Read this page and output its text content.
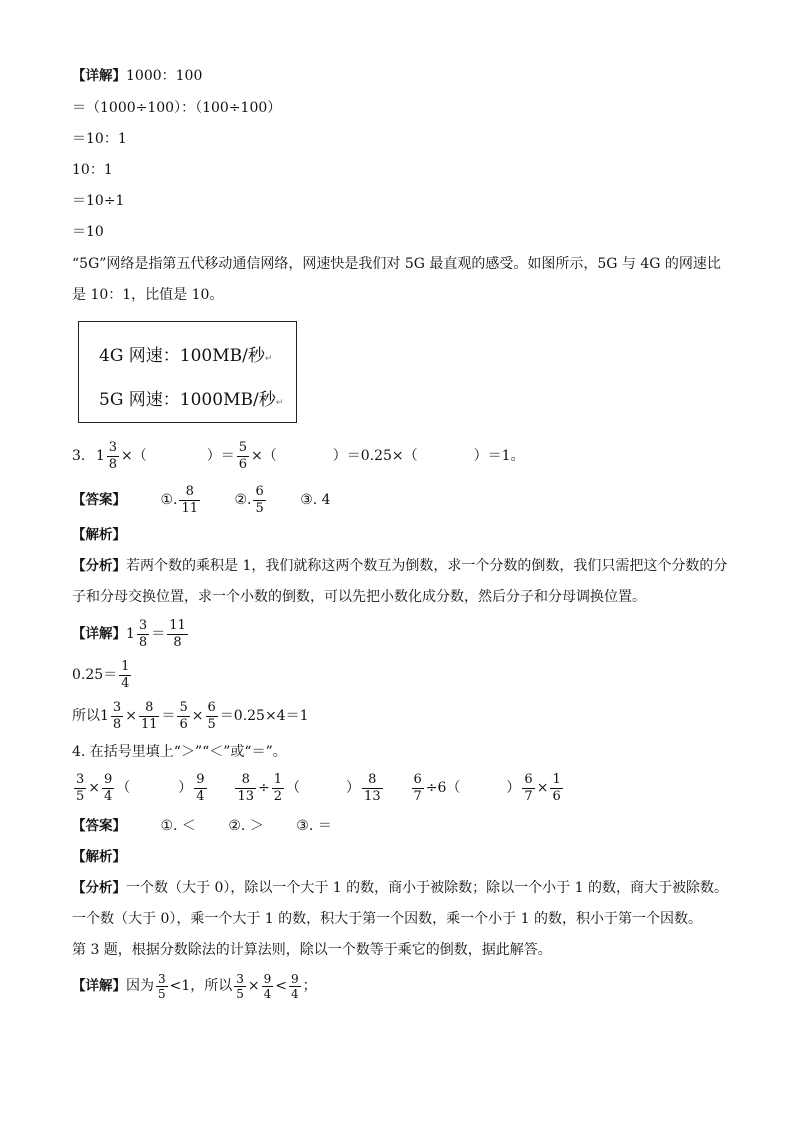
【详解】1000：100
＝（1000÷100）：（100÷100）
＝10：1
10：1
＝10÷1
＝10
“5G”网络是指第五代移动通信网络，网速快是我们对 5G 最直观的感受。如图所示，5G 与 4G 的网速比
是 10：1，比值是 10。
4G 网速：100MB/秒↵
5G 网速：1000MB/秒↵
3. $1 \frac{3}{8}$ ×（	）＝ $\frac{5}{6}$ ×（	）＝0.25×（	）＝1。
【答案】 ①. $\frac{8}{11}$ ②. $\frac{6}{5}$ ③. 4
【解析】
【分析】若两个数的乘积是 1，我们就称这两个数互为倒数，求一个分数的倒数，我们只需把这个分数的分
子和分母交换位置，求一个小数的倒数，可以先把小数化成分数，然后分子和分母调换位置。
【详解】$1 \frac{3}{8} = \frac{11}{8}$
$0.25= \frac{1}{4}$
所以$1 \frac{3}{8} \times \frac{8}{11} = \frac{5}{6} \times \frac{6}{5} =0.25\times 4=1$
4. 在括号里填上“＞”“＜”或“＝”。
$\frac{3}{5} \times \frac{9}{4}$ （	） $\frac{9}{4}$
$\frac{8}{13} \div \frac{1}{2}$ （	） $\frac{8}{13}$
$\frac{6}{7} \div 6$（	） $\frac{6}{7} \times \frac{1}{6}$
【答案】 ①. ＜ ②. ＞ ③. ＝
【解析】
【分析】一个数（大于 0），除以一个大于 1 的数，商小于被除数；除以一个小于 1 的数，商大于被除数。
一个数（大于 0），乘一个大于 1 的数，积大于第一个因数，乘一个小于 1 的数，积小于第一个因数。
第 3 题，根据分数除法的计算法则，除以一个数等于乘它的倒数，据此解答。
【详解】因为 $\frac{3}{5} <1$，所以 $\frac{3}{5} \times \frac{9}{4} < \frac{9}{4}$ ；
